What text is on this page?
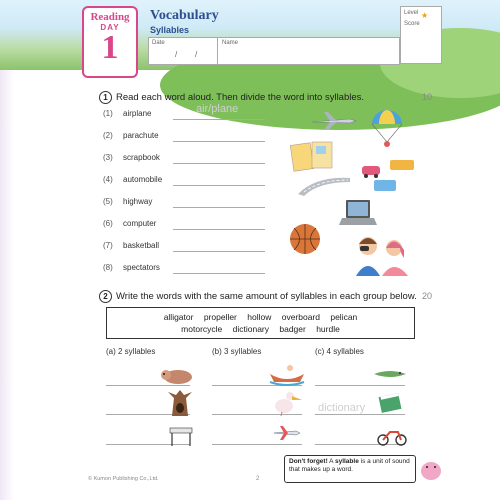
Reading
DAY
1
Vocabulary
Syllables
Date
/ /
Name
Level ★
Score
1 Read each word aloud. Then divide the word into syllables.	10
air/plane
(1) airplane
(2) parachute
(3) scrapbook
(4) automobile
(5) highway
(6) computer
(7) basketball
(8) spectators
2 Write the words with the same amount of syllables in each group below. 20
alligator propeller hollow overboard pelican
motorcycle dictionary badger hurdle
(a) 2 syllables	(b) 3 syllables	(c) 4 syllables
dictionary
Don't forget! A syllable is a unit of sound that makes up a word.
© Kumon Publishing Co.,Ltd.	2
